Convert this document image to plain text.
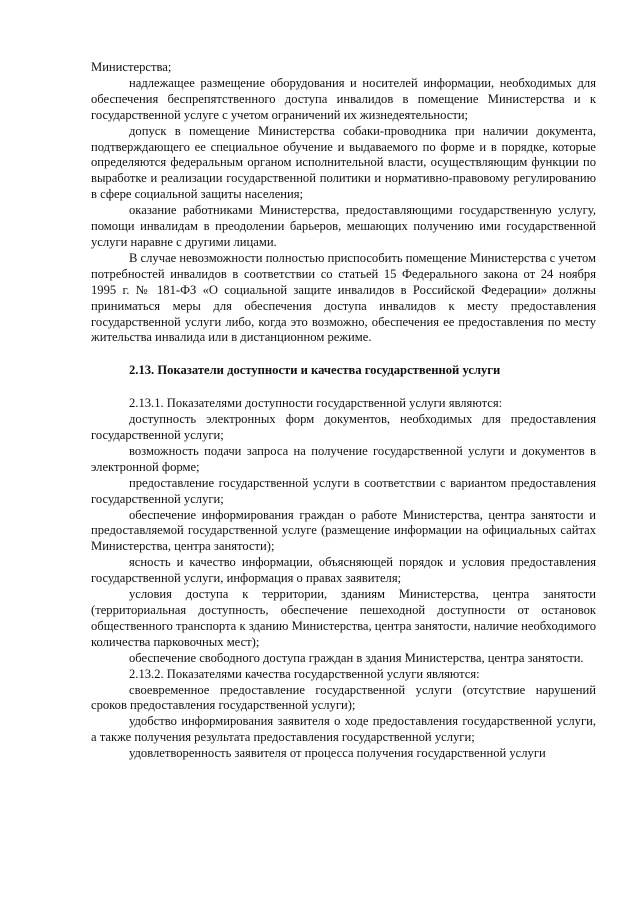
Министерства;

надлежащее размещение оборудования и носителей информации, необходимых для обеспечения беспрепятственного доступа инвалидов в помещение Министерства и к государственной услуге с учетом ограничений их жизнедеятельности;

допуск в помещение Министерства собаки-проводника при наличии документа, подтверждающего ее специальное обучение и выдаваемого по форме и в порядке, которые определяются федеральным органом исполнительной власти, осуществляющим функции по выработке и реализации государственной политики и нормативно-правовому регулированию в сфере социальной защиты населения;

оказание работниками Министерства, предоставляющими государственную услугу, помощи инвалидам в преодолении барьеров, мешающих получению ими государственной услуги наравне с другими лицами.

В случае невозможности полностью приспособить помещение Министерства с учетом потребностей инвалидов в соответствии со статьей 15 Федерального закона от 24 ноября 1995 г. № 181-ФЗ «О социальной защите инвалидов в Российской Федерации» должны приниматься меры для обеспечения доступа инвалидов к месту предоставления государственной услуги либо, когда это возможно, обеспечения ее предоставления по месту жительства инвалида или в дистанционном режиме.

2.13. Показатели доступности и качества государственной услуги

2.13.1. Показателями доступности государственной услуги являются:

доступность электронных форм документов, необходимых для предоставления государственной услуги;

возможность подачи запроса на получение государственной услуги и документов в электронной форме;

предоставление государственной услуги в соответствии с вариантом предоставления государственной услуги;

обеспечение информирования граждан о работе Министерства, центра занятости и предоставляемой государственной услуге (размещение информации на официальных сайтах Министерства, центра занятости);

ясность и качество информации, объясняющей порядок и условия предоставления государственной услуги, информация о правах заявителя;

условия доступа к территории, зданиям Министерства, центра занятости (территориальная доступность, обеспечение пешеходной доступности от остановок общественного транспорта к зданию Министерства, центра занятости, наличие необходимого количества парковочных мест);

обеспечение свободного доступа граждан в здания Министерства, центра занятости.

2.13.2. Показателями качества государственной услуги являются:

своевременное предоставление государственной услуги (отсутствие нарушений сроков предоставления государственной услуги);

удобство информирования заявителя о ходе предоставления государственной услуги, а также получения результата предоставления государственной услуги;

удовлетворенность заявителя от процесса получения государственной услуги
